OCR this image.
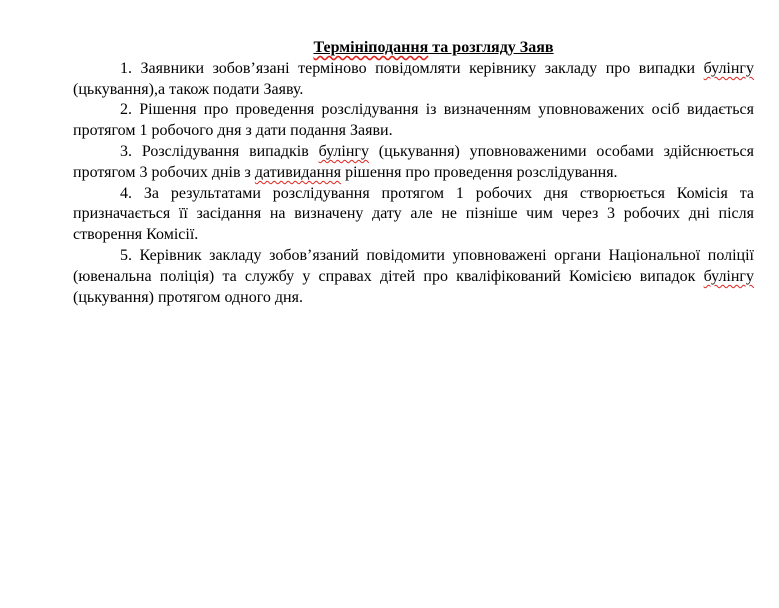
Термініподання та розгляду Заяв

1. Заявники зобов’язані терміново повідомляти керівнику закладу про випадки булінгу (цькування),а також подати Заяву.

2. Рішення про проведення розслідування із визначенням уповноважених осіб видається протягом 1 робочого дня з дати подання Заяви.

3. Розслідування випадків булінгу (цькування) уповноваженими особами здійснюється протягом 3 робочих днів з дативидання рішення про проведення розслідування.

4. За результатами розслідування протягом 1 робочих дня створюється Комісія та призначається її засідання на визначену дату але не пізніше чим через 3 робочих дні після створення Комісії.

5. Керівник закладу зобов’язаний повідомити уповноважені органи Національної поліції (ювенальна поліція) та службу у справах дітей про кваліфікований Комісією випадок булінгу (цькування) протягом одного дня.
